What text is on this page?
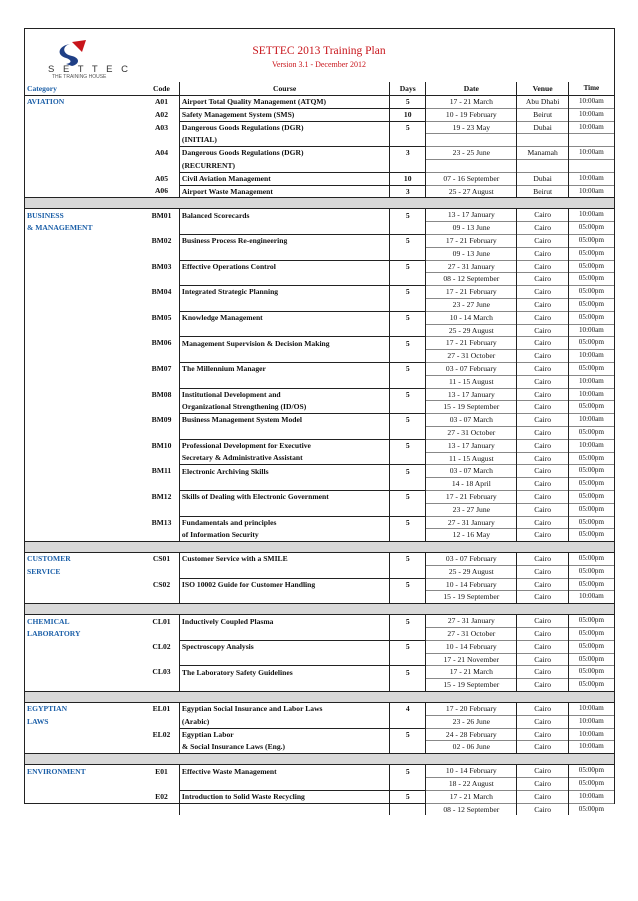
S E T T E C
THE TRAINING HOUSE
SETTEC 2013 Training Plan
Version 3.1 - December 2012
Category	Code	Course	Days	Date	Venue	Time
AVIATION	A01	Airport Total Quality Management (ATQM)	5	17 - 21 March	Abu Dhabi	10:00am
	A02	Safety Management System (SMS)	10	10 - 19 February	Beirut	10:00am
	A03	Dangerous Goods Regulations (DGR)	5	19 - 23 May	Dubai	10:00am
		(INITIAL)				
	A04	Dangerous Goods Regulations (DGR)	3	23 - 25 June	Manamah	10:00am
		(RECURRENT)				
	A05	Civil Aviation Management	10	07 - 16 September	Dubai	10:00am
	A06	Airport Waste Management	3	25 - 27 August	Beirut	10:00am

BUSINESS	BM01	Balanced Scorecards	5	13 - 17 January	Cairo	10:00am
& MANAGEMENT				09 - 13 June	Cairo	05:00pm
	BM02	Business Process Re-engineering	5	17 - 21 February	Cairo	05:00pm
				09 - 13 June	Cairo	05:00pm
	BM03	Effective Operations Control	5	27 - 31 January	Cairo	05:00pm
				08 - 12 September	Cairo	05:00pm
	BM04	Integrated Strategic Planning	5	17 - 21 February	Cairo	05:00pm
				23 - 27 June	Cairo	05:00pm
	BM05	Knowledge Management	5	10 - 14 March	Cairo	05:00pm
				25 - 29 August	Cairo	10:00am
	BM06	Management Supervision & Decision Making	5	17 - 21 February	Cairo	05:00pm
				27 - 31 October	Cairo	10:00am
	BM07	The Millennium Manager	5	03 - 07 February	Cairo	05:00pm
				11 - 15 August	Cairo	10:00am
	BM08	Institutional Development and	5	13 - 17 January	Cairo	10:00am
		Organizational Strengthening (ID/OS)		15 - 19 September	Cairo	05:00pm
	BM09	Business Management System Model	5	03 - 07 March	Cairo	10:00am
				27 - 31 October	Cairo	05:00pm
	BM10	Professional Development for Executive	5	13 - 17 January	Cairo	10:00am
		Secretary & Administrative Assistant		11 - 15 August	Cairo	05:00pm
	BM11	Electronic Archiving Skills	5	03 - 07 March	Cairo	05:00pm
				14 - 18 April	Cairo	05:00pm
	BM12	Skills of Dealing with Electronic Government	5	17 - 21 February	Cairo	05:00pm
				23 - 27 June	Cairo	05:00pm
	BM13	Fundamentals and principles	5	27 - 31 January	Cairo	05:00pm
		of Information Security		12 - 16 May	Cairo	05:00pm

CUSTOMER	CS01	Customer Service with a SMILE	5	03 - 07 February	Cairo	05:00pm
SERVICE				25 - 29 August	Cairo	05:00pm
	CS02	ISO 10002 Guide for Customer Handling	5	10 - 14 February	Cairo	05:00pm
				15 - 19 September	Cairo	10:00am

CHEMICAL	CL01	Inductively Coupled Plasma	5	27 - 31 January	Cairo	05:00pm
LABORATORY				27 - 31 October	Cairo	05:00pm
	CL02	Spectroscopy Analysis	5	10 - 14 February	Cairo	05:00pm
				17 - 21 November	Cairo	05:00pm
	CL03	The Laboratory Safety Guidelines	5	17 - 21 March	Cairo	05:00pm
				15 - 19 September	Cairo	05:00pm

EGYPTIAN	EL01	Egyptian Social Insurance and Labor Laws	4	17 - 20 February	Cairo	10:00am
LAWS		(Arabic)		23 - 26 June	Cairo	10:00am
	EL02	Egyptian Labor	5	24 - 28 February	Cairo	10:00am
		& Social Insurance Laws (Eng.)		02 - 06 June	Cairo	10:00am

ENVIRONMENT	E01	Effective Waste Management	5	10 - 14 February	Cairo	05:00pm
				18 - 22 August	Cairo	05:00pm
	E02	Introduction to Solid Waste Recycling	5	17 - 21 March	Cairo	10:00am
				08 - 12 September	Cairo	05:00pm
